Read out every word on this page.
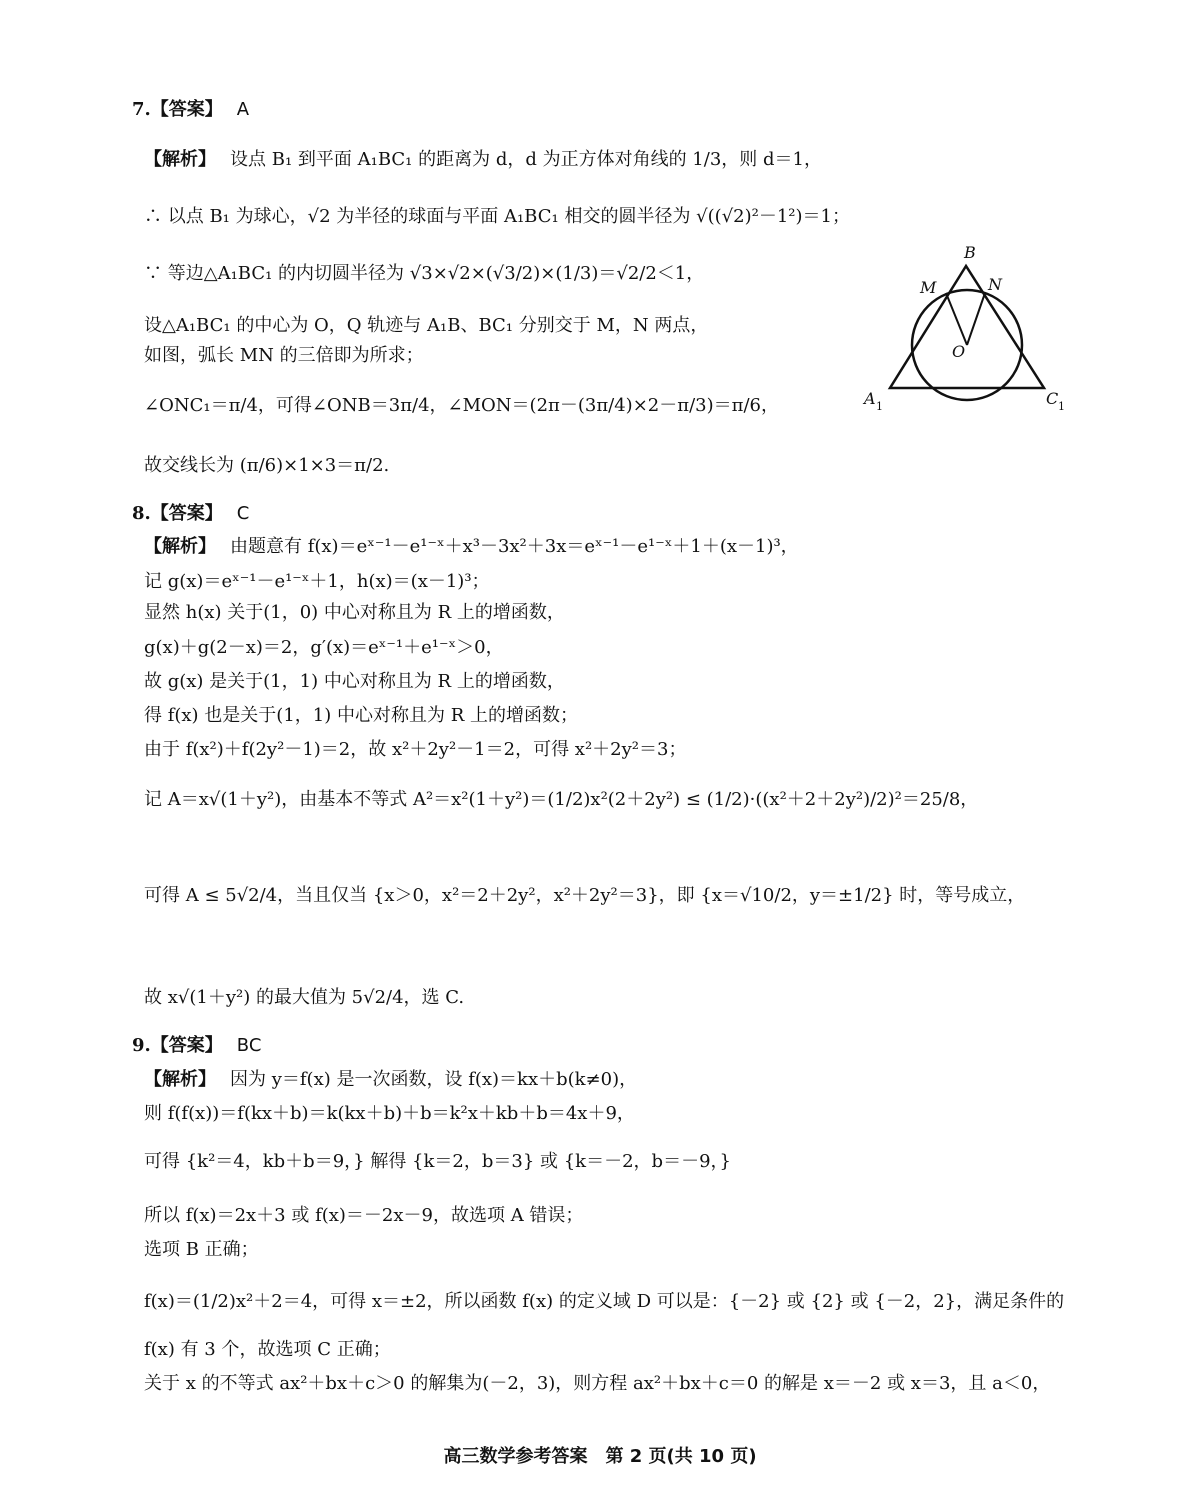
7.【答案】 A
【解析】 设点 B₁ 到平面 A₁BC₁ 的距离为 d，d 为正方体对角线的 1/3，则 d＝1，
∴ 以点 B₁ 为球心，√2 为半径的球面与平面 A₁BC₁ 相交的圆半径为 √((√2)²－1²)＝1；
∵ 等边△A₁BC₁ 的内切圆半径为 √3×√2×(√3/2)×(1/3)＝√2/2＜1，
设△A₁BC₁ 的中心为 O，Q 轨迹与 A₁B、BC₁ 分别交于 M，N 两点，
如图，弧长 MN 的三倍即为所求；
∠ONC₁＝π/4，可得∠ONB＝3π/4，∠MON＝(2π－(3π/4)×2－π/3)＝π/6，
故交线长为 (π/6)×1×3＝π/2.
B
M	N
O
A 1	C 1
8.【答案】 C
【解析】 由题意有 f(x)＝eˣ⁻¹－e¹⁻ˣ＋x³－3x²＋3x＝eˣ⁻¹－e¹⁻ˣ＋1＋(x－1)³，
记 g(x)＝eˣ⁻¹－e¹⁻ˣ＋1，h(x)＝(x－1)³；
显然 h(x) 关于(1，0) 中心对称且为 R 上的增函数，
g(x)＋g(2－x)＝2，g′(x)＝eˣ⁻¹＋e¹⁻ˣ＞0，
故 g(x) 是关于(1，1) 中心对称且为 R 上的增函数，
得 f(x) 也是关于(1，1) 中心对称且为 R 上的增函数；
由于 f(x²)＋f(2y²－1)＝2，故 x²＋2y²－1＝2，可得 x²＋2y²＝3；
记 A＝x√(1＋y²)，由基本不等式 A²＝x²(1＋y²)＝(1/2)x²(2＋2y²) ≤ (1/2)·((x²＋2＋2y²)/2)²＝25/8，
可得 A ≤ 5√2/4，当且仅当 {x＞0，x²＝2＋2y²，x²＋2y²＝3}，即 {x＝√10/2，y＝±1/2} 时，等号成立，
故 x√(1＋y²) 的最大值为 5√2/4，选 C.
9.【答案】 BC
【解析】 因为 y＝f(x) 是一次函数，设 f(x)＝kx＋b(k≠0)，
则 f(f(x))＝f(kx＋b)＝k(kx＋b)＋b＝k²x＋kb＋b＝4x＋9，
可得 {k²＝4，kb＋b＝9，} 解得 {k＝2，b＝3} 或 {k＝－2，b＝－9，}
所以 f(x)＝2x＋3 或 f(x)＝－2x－9，故选项 A 错误；
选项 B 正确；
f(x)＝(1/2)x²＋2＝4，可得 x＝±2，所以函数 f(x) 的定义域 D 可以是：{－2} 或 {2} 或 {－2，2}，满足条件的
f(x) 有 3 个，故选项 C 正确；
关于 x 的不等式 ax²＋bx＋c＞0 的解集为(－2，3)，则方程 ax²＋bx＋c＝0 的解是 x＝－2 或 x＝3，且 a＜0，
高三数学参考答案　第 2 页(共 10 页)
